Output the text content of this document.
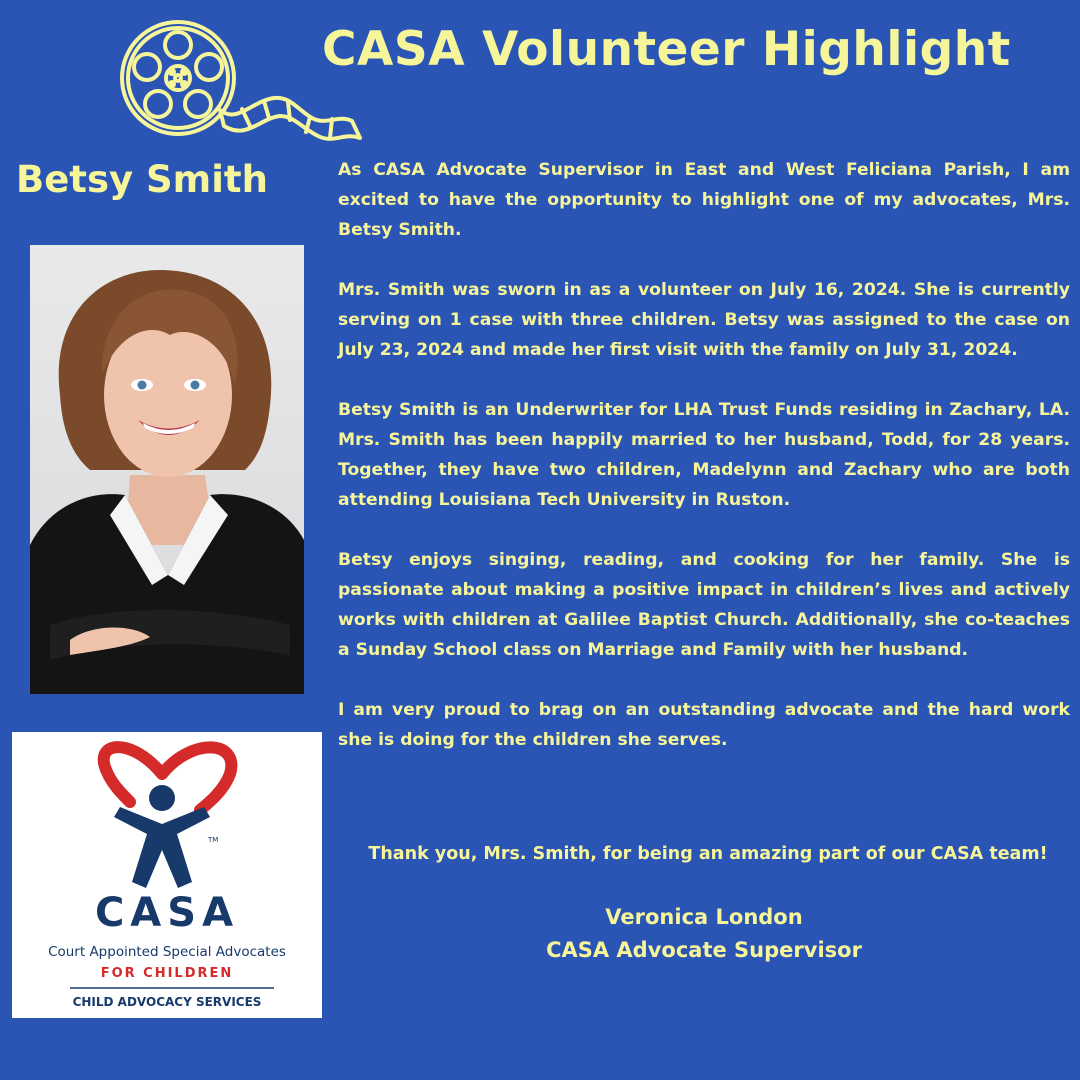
CASA Volunteer Highlight
Betsy Smith
TM
CASA
Court Appointed Special Advocates
FOR CHILDREN
CHILD ADVOCACY SERVICES

As CASA Advocate Supervisor in East and West Feliciana Parish, I am excited to have the opportunity to highlight one of my advocates, Mrs. Betsy Smith.

Mrs. Smith was sworn in as a volunteer on July 16, 2024. She is currently serving on 1 case with three children. Betsy was assigned to the case on July 23, 2024 and made her first visit with the family on July 31, 2024.

Betsy Smith is an Underwriter for LHA Trust Funds residing in Zachary, LA. Mrs. Smith has been happily married to her husband, Todd, for 28 years. Together, they have two children, Madelynn and Zachary who are both attending Louisiana Tech University in Ruston.

Betsy enjoys singing, reading, and cooking for her family. She is passionate about making a positive impact in children’s lives and actively works with children at Galilee Baptist Church. Additionally, she co-teaches a Sunday School class on Marriage and Family with her husband.

I am very proud to brag on an outstanding advocate and the hard work she is doing for the children she serves.

Thank you, Mrs. Smith, for being an amazing part of our CASA team!
Veronica London
CASA Advocate Supervisor
